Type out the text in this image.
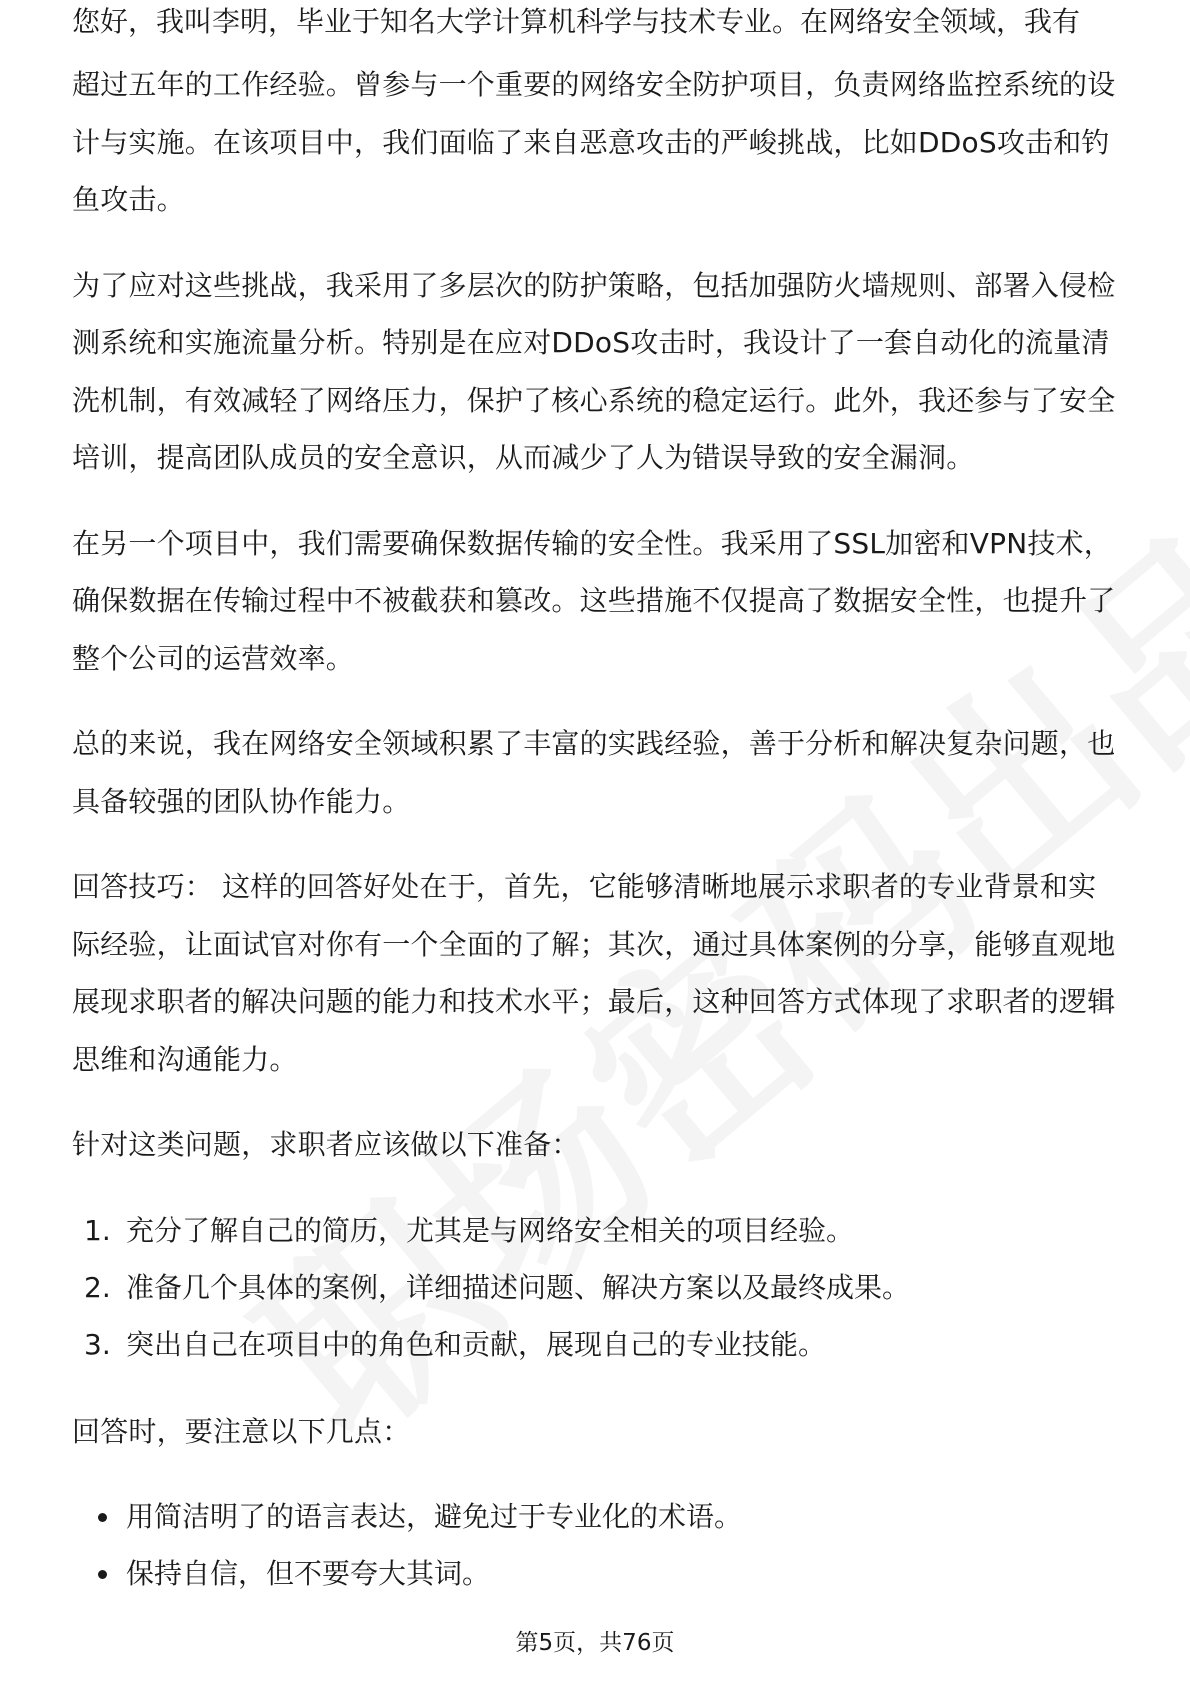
您好，我叫李明，毕业于知名大学计算机科学与技术专业。在网络安全领域，我有

超过五年的工作经验。曾参与一个重要的网络安全防护项目，负责网络监控系统的设计与实施。在该项目中，我们面临了来自恶意攻击的严峻挑战，比如DDoS攻击和钓鱼攻击。

为了应对这些挑战，我采用了多层次的防护策略，包括加强防火墙规则、部署入侵检测系统和实施流量分析。特别是在应对DDoS攻击时，我设计了一套自动化的流量清洗机制，有效减轻了网络压力，保护了核心系统的稳定运行。此外，我还参与了安全培训，提高团队成员的安全意识，从而减少了人为错误导致的安全漏洞。

在另一个项目中，我们需要确保数据传输的安全性。我采用了SSL加密和VPN技术，确保数据在传输过程中不被截获和篡改。这些措施不仅提高了数据安全性，也提升了整个公司的运营效率。

总的来说，我在网络安全领域积累了丰富的实践经验，善于分析和解决复杂问题，也具备较强的团队协作能力。

回答技巧： 这样的回答好处在于，首先，它能够清晰地展示求职者的专业背景和实际经验，让面试官对你有一个全面的了解；其次，通过具体案例的分享，能够直观地展现求职者的解决问题的能力和技术水平；最后，这种回答方式体现了求职者的逻辑思维和沟通能力。

针对这类问题，求职者应该做以下准备：

1. 充分了解自己的简历，尤其是与网络安全相关的项目经验。
2. 准备几个具体的案例，详细描述问题、解决方案以及最终成果。
3. 突出自己在项目中的角色和贡献，展现自己的专业技能。

回答时，要注意以下几点：

用简洁明了的语言表达，避免过于专业化的术语。
保持自信，但不要夸大其词。
第5页，共76页
